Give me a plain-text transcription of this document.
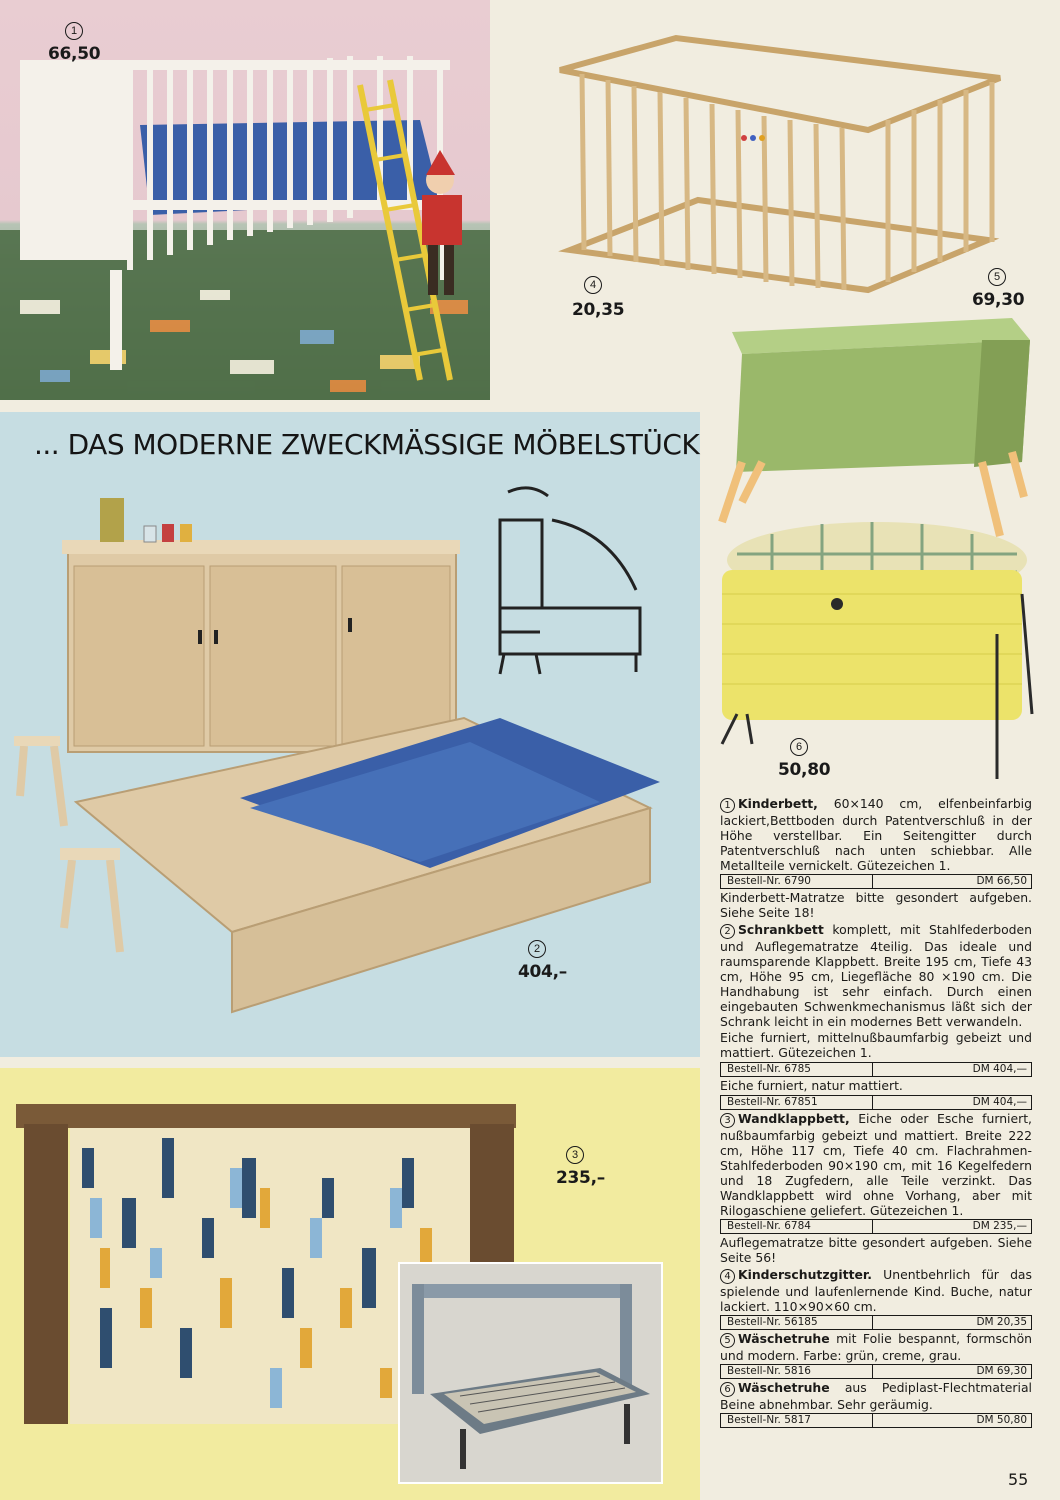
1
66,50
4
20,35
5
69,30
6
50,80
... DAS MODERNE ZWECKMÄSSIGE MÖBELSTÜCK
2
404,–
3
235,–
1 Kinderbett, 60×140 cm, elfenbeinfarbig lackiert,Bettboden durch Patentverschluß in der Höhe verstellbar. Ein Seitengitter durch Patentverschluß nach unten schiebbar. Alle Metallteile vernickelt. Gütezeichen 1.
Bestell-Nr. 6790	DM 66,50
Kinderbett-Matratze bitte gesondert aufgeben. Siehe Seite 18!
2 Schrankbett komplett, mit Stahlfederboden und Auflegematratze 4teilig. Das ideale und raumsparende Klappbett. Breite 195 cm, Tiefe 43 cm, Höhe 95 cm, Liegefläche 80 ×190 cm. Die Handhabung ist sehr einfach. Durch einen eingebauten Schwenkmechanismus läßt sich der Schrank leicht in ein modernes Bett verwandeln.
Eiche furniert, mittelnußbaumfarbig gebeizt und mattiert. Gütezeichen 1.
Bestell-Nr. 6785	DM 404,—
Eiche furniert, natur mattiert.
Bestell-Nr. 67851	DM 404,—
3 Wandklappbett, Eiche oder Esche furniert, nußbaumfarbig gebeizt und mattiert. Breite 222 cm, Höhe 117 cm, Tiefe 40 cm. Flachrahmen-Stahlfederboden 90×190 cm, mit 16 Kegelfedern und 18 Zugfedern, alle Teile verzinkt. Das Wandklappbett wird ohne Vorhang, aber mit Rilogaschiene geliefert. Gütezeichen 1.
Bestell-Nr. 6784	DM 235,—
Auflegematratze bitte gesondert aufgeben. Siehe Seite 56!
4 Kinderschutzgitter. Unentbehrlich für das spielende und laufenlernende Kind. Buche, natur lackiert. 110×90×60 cm.
Bestell-Nr. 56185	DM 20,35
5 Wäschetruhe mit Folie bespannt, formschön und modern. Farbe: grün, creme, grau.
Bestell-Nr. 5816	DM 69,30
6 Wäschetruhe aus Pediplast-Flechtmaterial Beine abnehmbar. Sehr geräumig.
Bestell-Nr. 5817	DM 50,80
55
